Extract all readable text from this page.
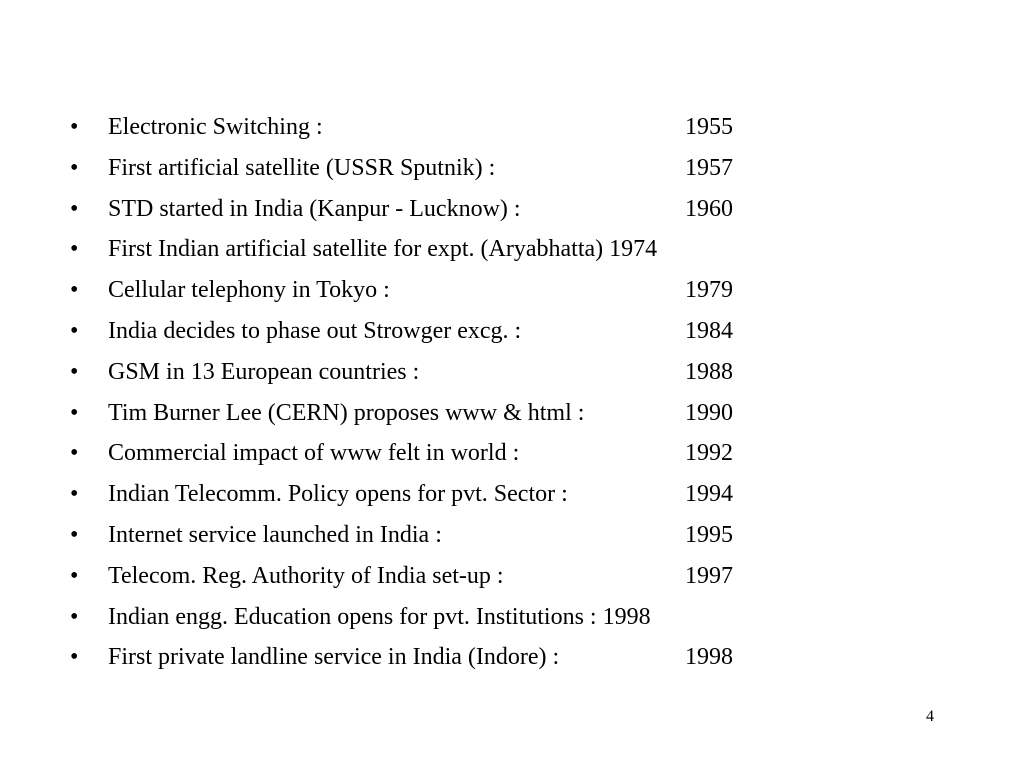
•	Electronic Switching :	1955
•	First artificial satellite (USSR Sputnik) :	1957
•	STD started in India (Kanpur - Lucknow) :	1960
•	First Indian artificial satellite for expt. (Aryabhatta) 1974
•	Cellular telephony in Tokyo :	1979
•	India decides to phase out Strowger excg. :	1984
•	GSM in 13 European countries :	1988
•	Tim Burner Lee (CERN) proposes www & html :	1990
•	Commercial impact of www felt in world :	1992
•	Indian Telecomm. Policy opens for pvt. Sector :	1994
•	Internet service launched in India :	1995
•	Telecom. Reg. Authority of India set-up :	1997
•	Indian engg. Education opens for pvt. Institutions : 1998
•	First private landline service in India (Indore) :	1998
4
